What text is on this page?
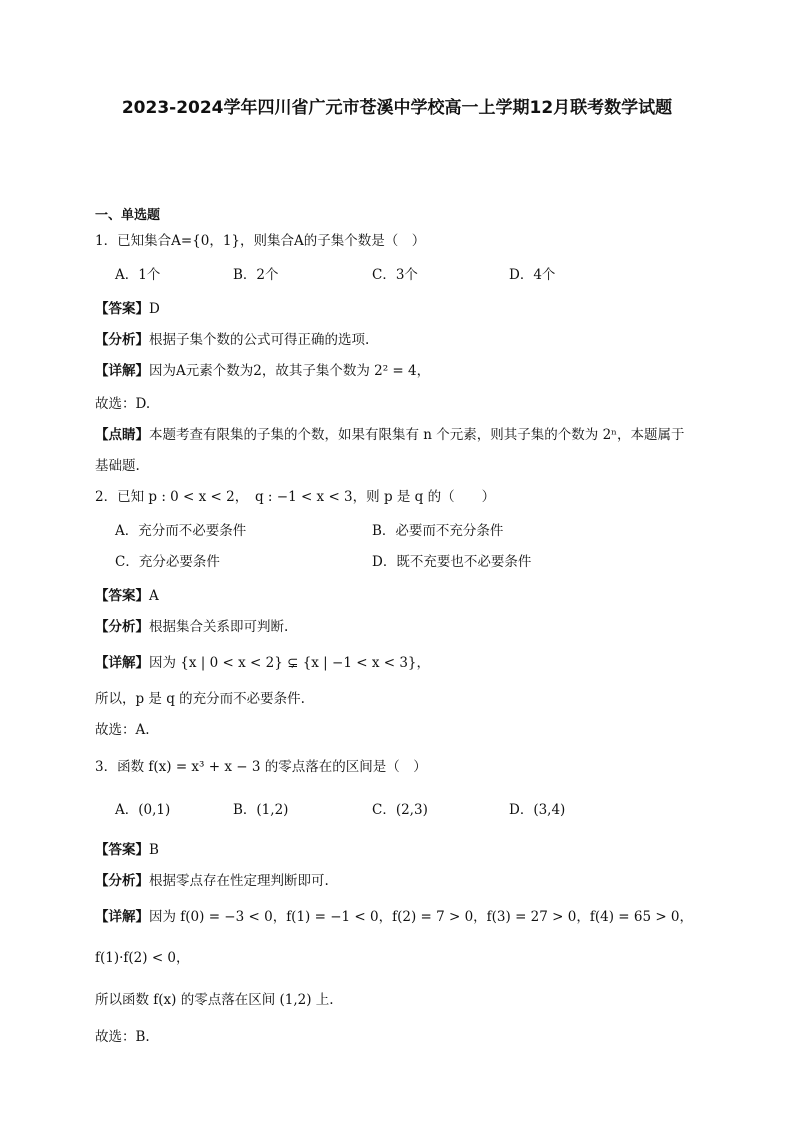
2023-2024学年四川省广元市苍溪中学校高一上学期12月联考数学试题
一、单选题
1．已知集合A={0，1}，则集合A的子集个数是（　）
A．1个	B．2个	C．3个	D．4个
【答案】D
【分析】根据子集个数的公式可得正确的选项.
【详解】因为A元素个数为2，故其子集个数为 2² = 4，
故选：D.
【点睛】本题考查有限集的子集的个数，如果有限集有 n 个元素，则其子集的个数为 2ⁿ，本题属于
基础题.
2．已知 p : 0 < x < 2，　q : −1 < x < 3，则 p 是 q 的（　　）
A．充分而不必要条件	B．必要而不充分条件
C．充分必要条件	D．既不充要也不必要条件
【答案】A
【分析】根据集合关系即可判断.
【详解】因为 {x | 0 < x < 2} ⊊ {x | −1 < x < 3}，
所以，p 是 q 的充分而不必要条件.
故选：A.
3．函数 f(x) = x³ + x − 3 的零点落在的区间是（　）
A．(0,1)	B．(1,2)	C．(2,3)	D．(3,4)
【答案】B
【分析】根据零点存在性定理判断即可.
【详解】因为 f(0) = −3 < 0，f(1) = −1 < 0，f(2) = 7 > 0，f(3) = 27 > 0，f(4) = 65 > 0，
f(1)·f(2) < 0，
所以函数 f(x) 的零点落在区间 (1,2) 上.
故选：B.
